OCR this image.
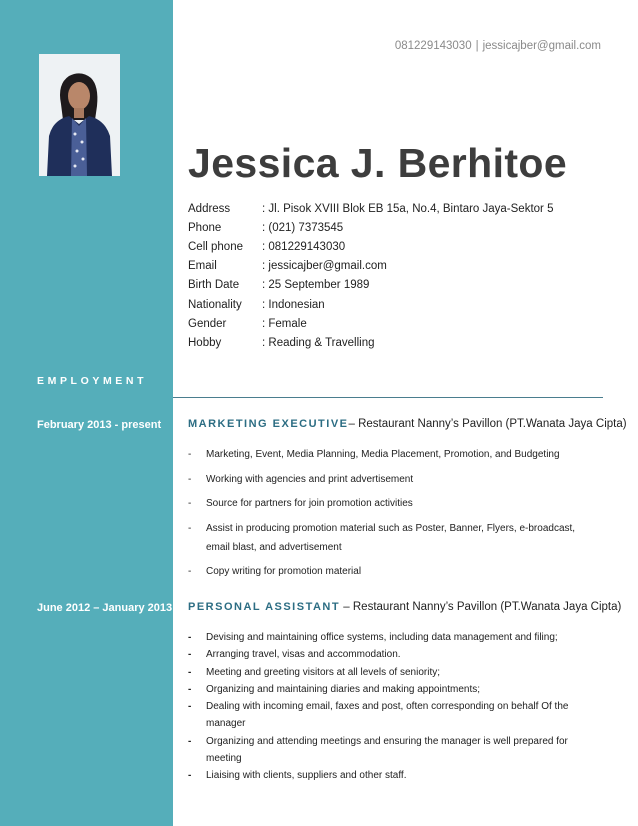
081229143030 | jessicajber@gmail.com
Jessica J. Berhitoe
Address	: Jl. Pisok XVIII Blok EB 15a, No.4, Bintaro Jaya-Sektor 5
Phone	: (021) 7373545
Cell phone	: 081229143030
Email	: jessicajber@gmail.com
Birth Date	: 25 September 1989
Nationality	: Indonesian
Gender	: Female
Hobby	: Reading & Travelling
EMPLOYMENT
February 2013 - present MARKETING EXECUTIVE– Restaurant Nanny’s Pavillon (PT.Wanata Jaya Cipta)
-	Marketing, Event, Media Planning, Media Placement, Promotion, and Budgeting
-	Working with agencies and print advertisement
-	Source for partners for join promotion activities
-	Assist in producing promotion material such as Poster, Banner, Flyers, e-broadcast, email blast, and advertisement
-	Copy writing for promotion material
June 2012 – January 2013 PERSONAL ASSISTANT – Restaurant Nanny’s Pavillon (PT.Wanata Jaya Cipta)
-	Devising and maintaining office systems, including data management and filing;
-	Arranging travel, visas and accommodation.
-	Meeting and greeting visitors at all levels of seniority;
-	Organizing and maintaining diaries and making appointments;
-	Dealing with incoming email, faxes and post, often corresponding on behalf Of the manager
-	Organizing and attending meetings and ensuring the manager is well prepared for meeting
-	Liaising with clients, suppliers and other staff.
